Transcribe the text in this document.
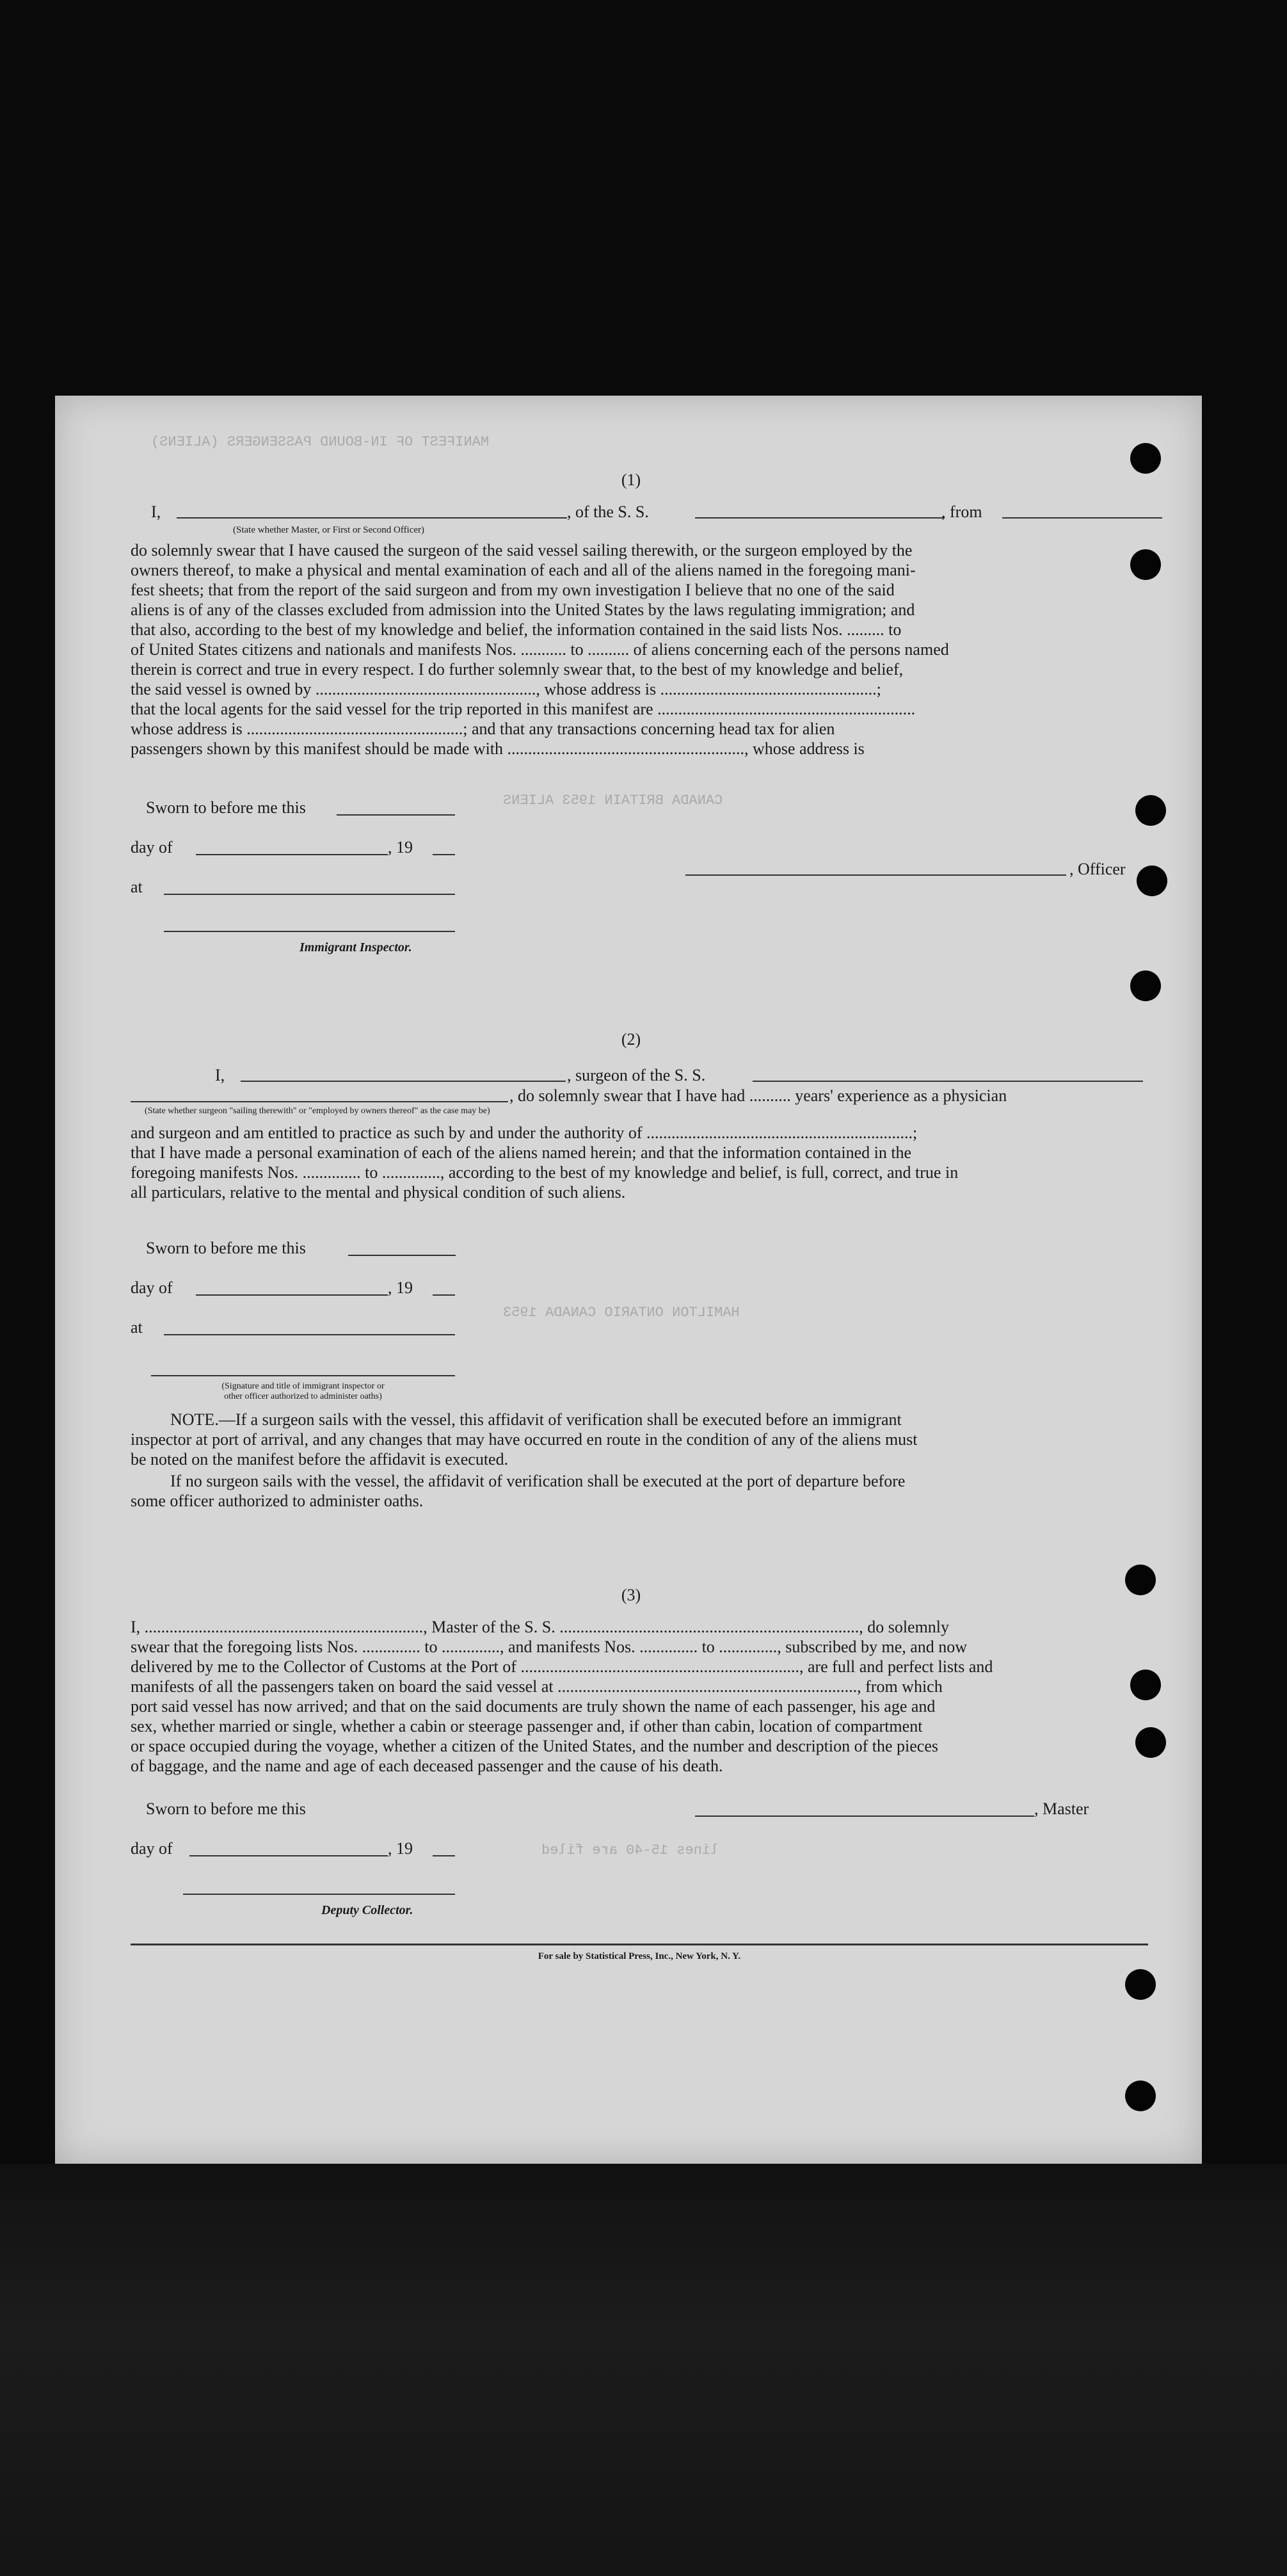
MANIFEST OF IN-BOUND PASSENGERS (ALIENS)
CANADA BRITAIN 1953 ALIENS
HAMILTON ONTARIO CANADA 1953
lines 15-40 are filed
(1)
I,	, of the S. S.	, from
(State whether Master, or First or Second Officer)
do solemnly swear that I have caused the surgeon of the said vessel sailing therewith, or the surgeon employed by the
owners thereof, to make a physical and mental examination of each and all of the aliens named in the foregoing mani-
fest sheets; that from the report of the said surgeon and from my own investigation I believe that no one of the said
aliens is of any of the classes excluded from admission into the United States by the laws regulating immigration; and
that also, according to the best of my knowledge and belief, the information contained in the said lists Nos. ......... to
of United States citizens and nationals and manifests Nos. ........... to .......... of aliens concerning each of the persons named
therein is correct and true in every respect. I do further solemnly swear that, to the best of my knowledge and belief,
the said vessel is owned by ....................................................., whose address is ....................................................;
that the local agents for the said vessel for the trip reported in this manifest are ..............................................................
whose address is ....................................................; and that any transactions concerning head tax for alien
passengers shown by this manifest should be made with ........................................................., whose address is
Sworn to before me this
day of	, 19
at
Immigrant Inspector.
, Officer
(2)
I,	, surgeon of the S. S.
, do solemnly swear that I have had .......... years' experience as a physician
(State whether surgeon "sailing therewith" or "employed by owners thereof" as the case may be)
and surgeon and am entitled to practice as such by and under the authority of ................................................................;
that I have made a personal examination of each of the aliens named herein; and that the information contained in the
foregoing manifests Nos. .............. to .............., according to the best of my knowledge and belief, is full, correct, and true in
all particulars, relative to the mental and physical condition of such aliens.
Sworn to before me this
day of	, 19
at
(Signature and title of immigrant inspector or
other officer authorized to administer oaths)
NOTE.—If a surgeon sails with the vessel, this affidavit of verification shall be executed before an immigrant
inspector at port of arrival, and any changes that may have occurred en route in the condition of any of the aliens must
be noted on the manifest before the affidavit is executed.
If no surgeon sails with the vessel, the affidavit of verification shall be executed at the port of departure before
some officer authorized to administer oaths.
(3)
I, ..................................................................., Master of the S. S. ........................................................................, do solemnly
swear that the foregoing lists Nos. .............. to .............., and manifests Nos. .............. to .............., subscribed by me, and now
delivered by me to the Collector of Customs at the Port of ..................................................................., are full and perfect lists and
manifests of all the passengers taken on board the said vessel at ........................................................................, from which
port said vessel has now arrived; and that on the said documents are truly shown the name of each passenger, his age and
sex, whether married or single, whether a cabin or steerage passenger and, if other than cabin, location of compartment
or space occupied during the voyage, whether a citizen of the United States, and the number and description of the pieces
of baggage, and the name and age of each deceased passenger and the cause of his death.
Sworn to before me this	, Master
day of	, 19
Deputy Collector.
For sale by Statistical Press, Inc., New York, N. Y.
